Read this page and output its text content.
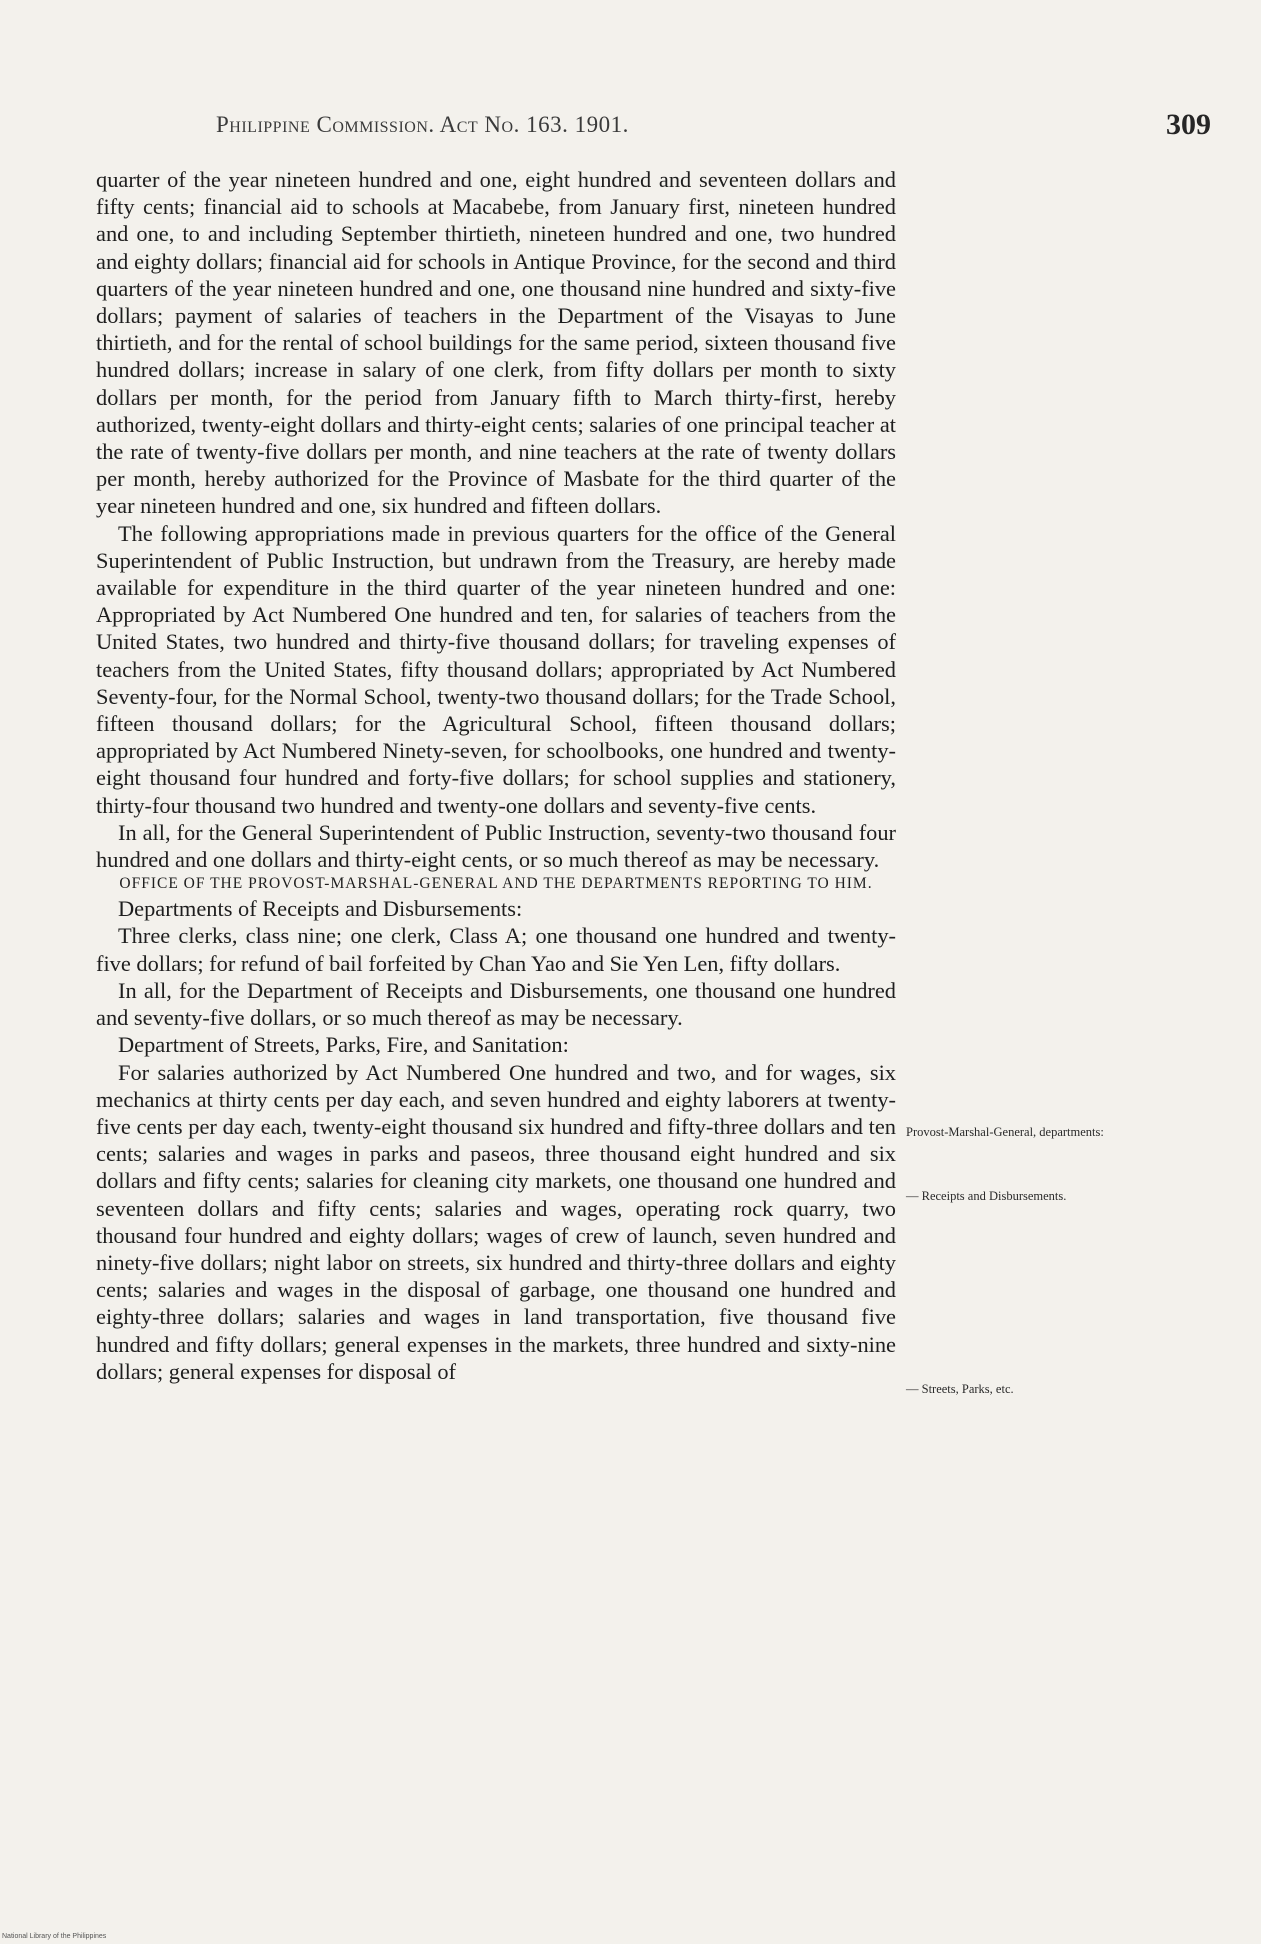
Philippine Commission. Act No. 163. 1901.	309

quarter of the year nineteen hundred and one, eight hundred and seventeen dollars and fifty cents; financial aid to schools at Macabebe, from January first, nineteen hundred and one, to and including September thirtieth, nineteen hundred and one, two hundred and eighty dollars; financial aid for schools in Antique Province, for the second and third quarters of the year nineteen hundred and one, one thousand nine hundred and sixty-five dollars; payment of salaries of teachers in the Department of the Visayas to June thirtieth, and for the rental of school buildings for the same period, sixteen thousand five hundred dollars; increase in salary of one clerk, from fifty dollars per month to sixty dollars per month, for the period from January fifth to March thirty-first, hereby authorized, twenty-eight dollars and thirty-eight cents; salaries of one principal teacher at the rate of twenty-five dollars per month, and nine teachers at the rate of twenty dollars per month, hereby authorized for the Province of Masbate for the third quarter of the year nineteen hundred and one, six hundred and fifteen dollars.

The following appropriations made in previous quarters for the office of the General Superintendent of Public Instruction, but undrawn from the Treasury, are hereby made available for expenditure in the third quarter of the year nineteen hundred and one: Appropriated by Act Numbered One hundred and ten, for salaries of teachers from the United States, two hundred and thirty-five thousand dollars; for traveling expenses of teachers from the United States, fifty thousand dollars; appropriated by Act Numbered Seventy-four, for the Normal School, twenty-two thousand dollars; for the Trade School, fifteen thousand dollars; for the Agricultural School, fifteen thousand dollars; appropriated by Act Numbered Ninety-seven, for schoolbooks, one hundred and twenty-eight thousand four hundred and forty-five dollars; for school supplies and stationery, thirty-four thousand two hundred and twenty-one dollars and seventy-five cents.

In all, for the General Superintendent of Public Instruction, seventy-two thousand four hundred and one dollars and thirty-eight cents, or so much thereof as may be necessary.

OFFICE OF THE PROVOST-MARSHAL-GENERAL AND THE DEPARTMENTS REPORTING TO HIM.

Departments of Receipts and Disbursements:

Three clerks, class nine; one clerk, Class A; one thousand one hundred and twenty-five dollars; for refund of bail forfeited by Chan Yao and Sie Yen Len, fifty dollars.

In all, for the Department of Receipts and Disbursements, one thousand one hundred and seventy-five dollars, or so much thereof as may be necessary.

Department of Streets, Parks, Fire, and Sanitation:

For salaries authorized by Act Numbered One hundred and two, and for wages, six mechanics at thirty cents per day each, and seven hundred and eighty laborers at twenty-five cents per day each, twenty-eight thousand six hundred and fifty-three dollars and ten cents; salaries and wages in parks and paseos, three thousand eight hundred and six dollars and fifty cents; salaries for cleaning city markets, one thousand one hundred and seventeen dollars and fifty cents; salaries and wages, operating rock quarry, two thousand four hundred and eighty dollars; wages of crew of launch, seven hundred and ninety-five dollars; night labor on streets, six hundred and thirty-three dollars and eighty cents; salaries and wages in the disposal of garbage, one thousand one hundred and eighty-three dollars; salaries and wages in land transportation, five thousand five hundred and fifty dollars; general expenses in the markets, three hundred and sixty-nine dollars; general expenses for disposal of

Provost-Marshal-General, departments:
— Receipts and Disbursements.
— Streets, Parks, etc.
National Library of the Philippines
